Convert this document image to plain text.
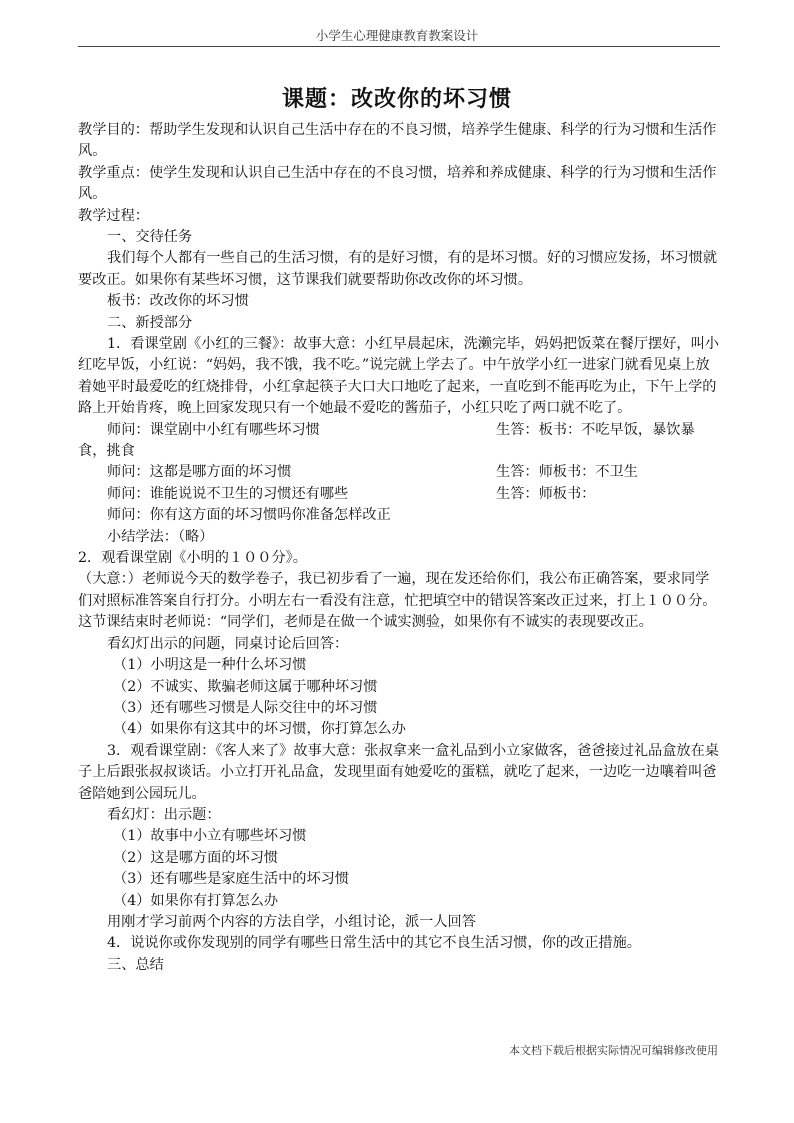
小学生心理健康教育教案设计
课题：改改你的坏习惯

教学目的：帮助学生发现和认识自己生活中存在的不良习惯，培养学生健康、科学的行为习惯和生活作风。

教学重点：使学生发现和认识自己生活中存在的不良习惯，培养和养成健康、科学的行为习惯和生活作风。

教学过程：

一、交待任务

我们每个人都有一些自己的生活习惯，有的是好习惯，有的是坏习惯。好的习惯应发扬，坏习惯就要改正。如果你有某些坏习惯，这节课我们就要帮助你改改你的坏习惯。

板书：改改你的坏习惯

二、新授部分

1．看课堂剧《小红的三餐》：故事大意：小红早晨起床，洗濑完毕，妈妈把饭菜在餐厅摆好，叫小红吃早饭，小红说：“妈妈，我不饿，我不吃。”说完就上学去了。中午放学小红一进家门就看见桌上放着她平时最爱吃的红烧排骨，小红拿起筷子大口大口地吃了起来，一直吃到不能再吃为止，下午上学的路上开始肯疼，晚上回家发现只有一个她最不爱吃的酱茄子，小红只吃了两口就不吃了。

师问：课堂剧中小红有哪些坏习惯	生答：板书：不吃早饭，暴饮暴

食，挑食

师问：这都是哪方面的坏习惯	生答：师板书：不卫生
师问：谁能说说不卫生的习惯还有哪些	生答：师板书：

师问：你有这方面的坏习惯吗你准备怎样改正

小结学法：（略）

2．观看课堂剧《小明的１００分》。

（大意：）老师说今天的数学卷子，我已初步看了一遍，现在发还给你们，我公布正确答案，要求同学们对照标准答案自行打分。小明左右一看没有注意，忙把填空中的错误答案改正过来，打上１００分。这节课结束时老师说：“同学们，老师是在做一个诚实测验，如果你有不诚实的表现要改正。

看幻灯出示的问题，同桌讨论后回答：

（1）小明这是一种什么坏习惯

（2）不诚实、欺骗老师这属于哪种坏习惯

（3）还有哪些习惯是人际交往中的坏习惯

（4）如果你有这其中的坏习惯，你打算怎么办

3．观看课堂剧：《客人来了》故事大意：张叔拿来一盒礼品到小立家做客，爸爸接过礼品盒放在桌子上后跟张叔叔谈话。小立打开礼品盒，发现里面有她爱吃的蛋糕，就吃了起来，一边吃一边嚷着叫爸爸陪她到公园玩儿。

看幻灯：出示题：

（1）故事中小立有哪些坏习惯

（2）这是哪方面的坏习惯

（3）还有哪些是家庭生活中的坏习惯

（4）如果你有打算怎么办

用刚才学习前两个内容的方法自学，小组讨论，派一人回答

4．说说你或你发现别的同学有哪些日常生活中的其它不良生活习惯，你的改正措施。

三、总结

本文档下载后根据实际情况可编辑修改使用
